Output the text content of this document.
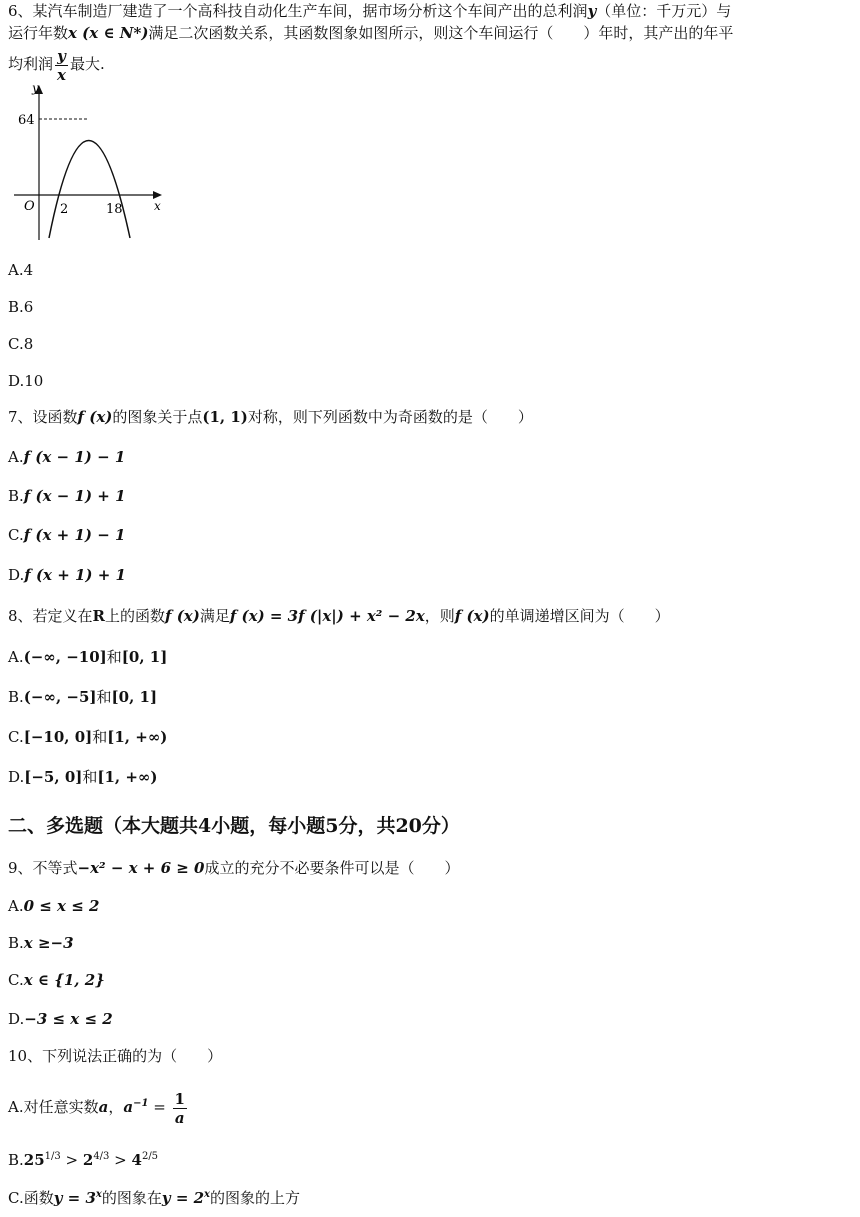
6、某汽车制造厂建造了一个高科技自动化生产车间，据市场分析这个车间产出的总利润y（单位：千万元）与
运行年数x (x ∈ N*)满足二次函数关系，其函数图象如图所示，则这个车间运行（　　）年时，其产出的年平
均利润 $\frac{y}{x}$ 最大.
y
x
O
64
2	18
A.4
B.6
C.8
D.10
7、设函数f (x)的图象关于点(1, 1)对称，则下列函数中为奇函数的是（　　）
A.f (x − 1) − 1
B.f (x − 1) + 1
C.f (x + 1) − 1
D.f (x + 1) + 1
8、若定义在R上的函数f (x)满足f (x) = 3f (|x|) + x² − 2x，则f (x)的单调递增区间为（　　）
A.(−∞, −10]和[0, 1]
B.(−∞, −5]和[0, 1]
C.[−10, 0]和[1, +∞)
D.[−5, 0]和[1, +∞)
二、多选题（本大题共4小题，每小题5分，共20分）
9、不等式−x² − x + 6 ≥ 0成立的充分不必要条件可以是（　　）
A.0 ≤ x ≤ 2
B.x ≥−3
C.x ∈ {1, 2}
D.−3 ≤ x ≤ 2
10、下列说法正确的为（　　）
A.对任意实数a，$a^{-1} = \frac{1}{a}$
$B.25^{1/3} > 2^{4/3} > 4^{2/5}$
C.函数$y = 3^x$的图象在$y = 2^x$的图象的上方
